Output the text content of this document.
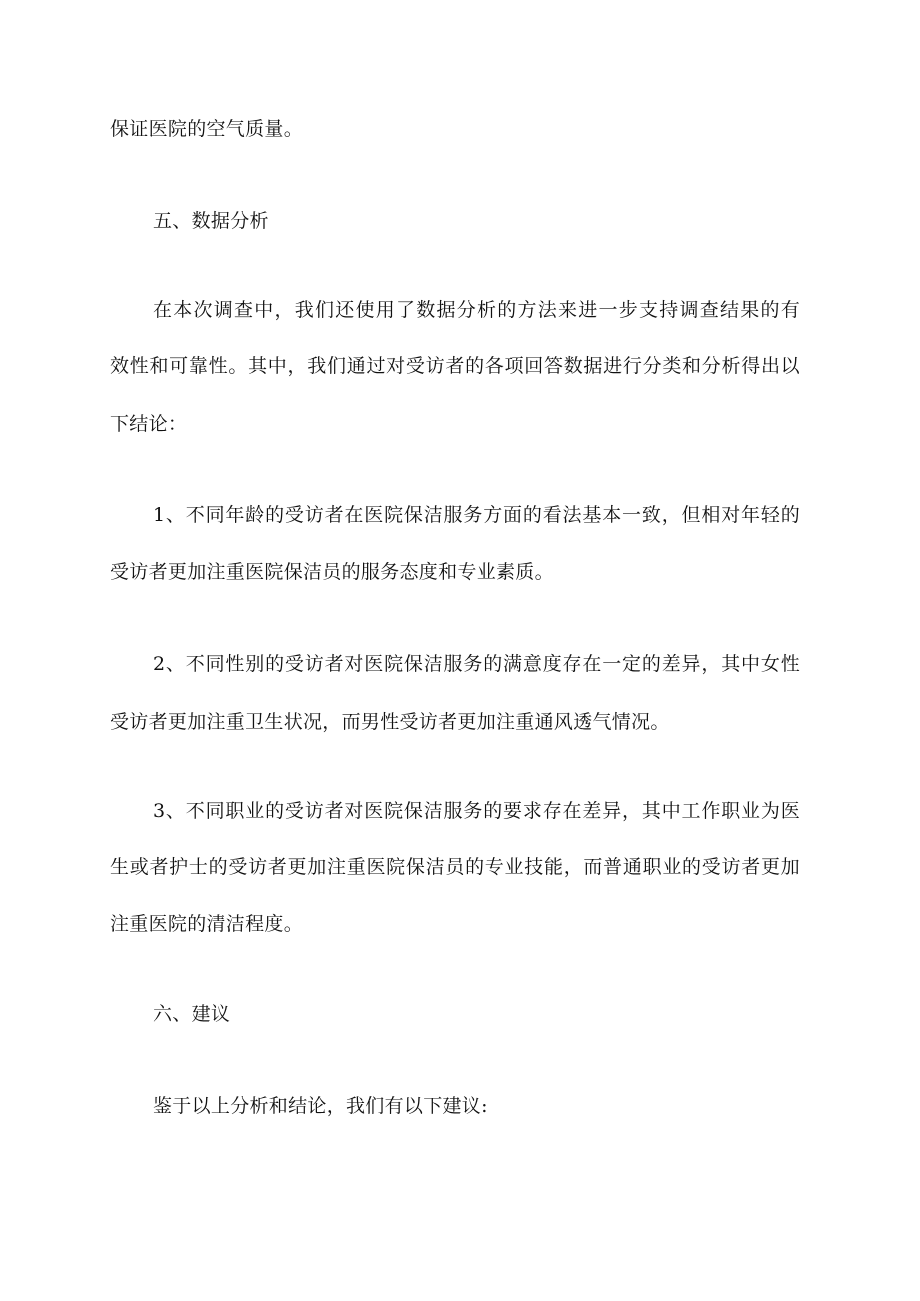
保证医院的空气质量。
五、数据分析
在本次调查中，我们还使用了数据分析的方法来进一步支持调查结果的有
效性和可靠性。其中，我们通过对受访者的各项回答数据进行分类和分析得出以
下结论：
1、不同年龄的受访者在医院保洁服务方面的看法基本一致，但相对年轻的
受访者更加注重医院保洁员的服务态度和专业素质。
2、不同性别的受访者对医院保洁服务的满意度存在一定的差异，其中女性
受访者更加注重卫生状况，而男性受访者更加注重通风透气情况。
3、不同职业的受访者对医院保洁服务的要求存在差异，其中工作职业为医
生或者护士的受访者更加注重医院保洁员的专业技能，而普通职业的受访者更加
注重医院的清洁程度。
六、建议
鉴于以上分析和结论，我们有以下建议:
